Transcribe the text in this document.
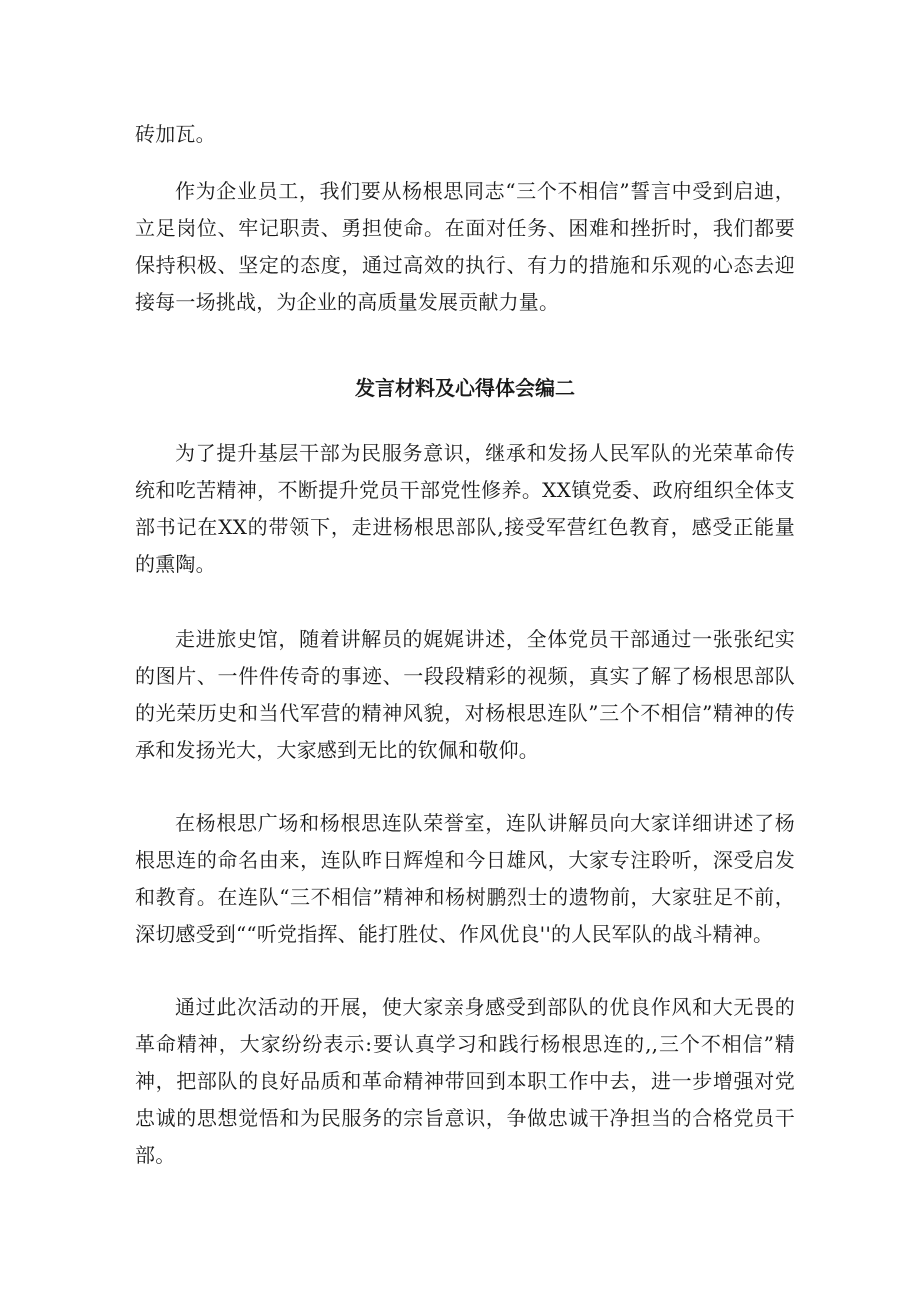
砖加瓦。

作为企业员工，我们要从杨根思同志“三个不相信”誓言中受到启迪，立足岗位、牢记职责、勇担使命。在面对任务、困难和挫折时，我们都要保持积极、坚定的态度，通过高效的执行、有力的措施和乐观的心态去迎接每一场挑战，为企业的高质量发展贡献力量。

发言材料及心得体会编二

为了提升基层干部为民服务意识，继承和发扬人民军队的光荣革命传统和吃苦精神，不断提升党员干部党性修养。XX镇党委、政府组织全体支部书记在XX的带领下，走进杨根思部队,接受军营红色教育，感受正能量的熏陶。

走进旅史馆，随着讲解员的娓娓讲述，全体党员干部通过一张张纪实的图片、一件件传奇的事迹、一段段精彩的视频，真实了解了杨根思部队的光荣历史和当代军营的精神风貌，对杨根思连队”三个不相信”精神的传承和发扬光大，大家感到无比的钦佩和敬仰。

在杨根思广场和杨根思连队荣誉室，连队讲解员向大家详细讲述了杨根思连的命名由来，连队昨日辉煌和今日雄风，大家专注聆听，深受启发和教育。在连队“三不相信”精神和杨树鹏烈士的遗物前，大家驻足不前，深切感受到““听党指挥、能打胜仗、作风优良''的人民军队的战斗精神。

通过此次活动的开展，使大家亲身感受到部队的优良作风和大无畏的革命精神，大家纷纷表示:要认真学习和践行杨根思连的,,三个不相信”精神，把部队的良好品质和革命精神带回到本职工作中去，进一步增强对党忠诚的思想觉悟和为民服务的宗旨意识，争做忠诚干净担当的合格党员干部。
